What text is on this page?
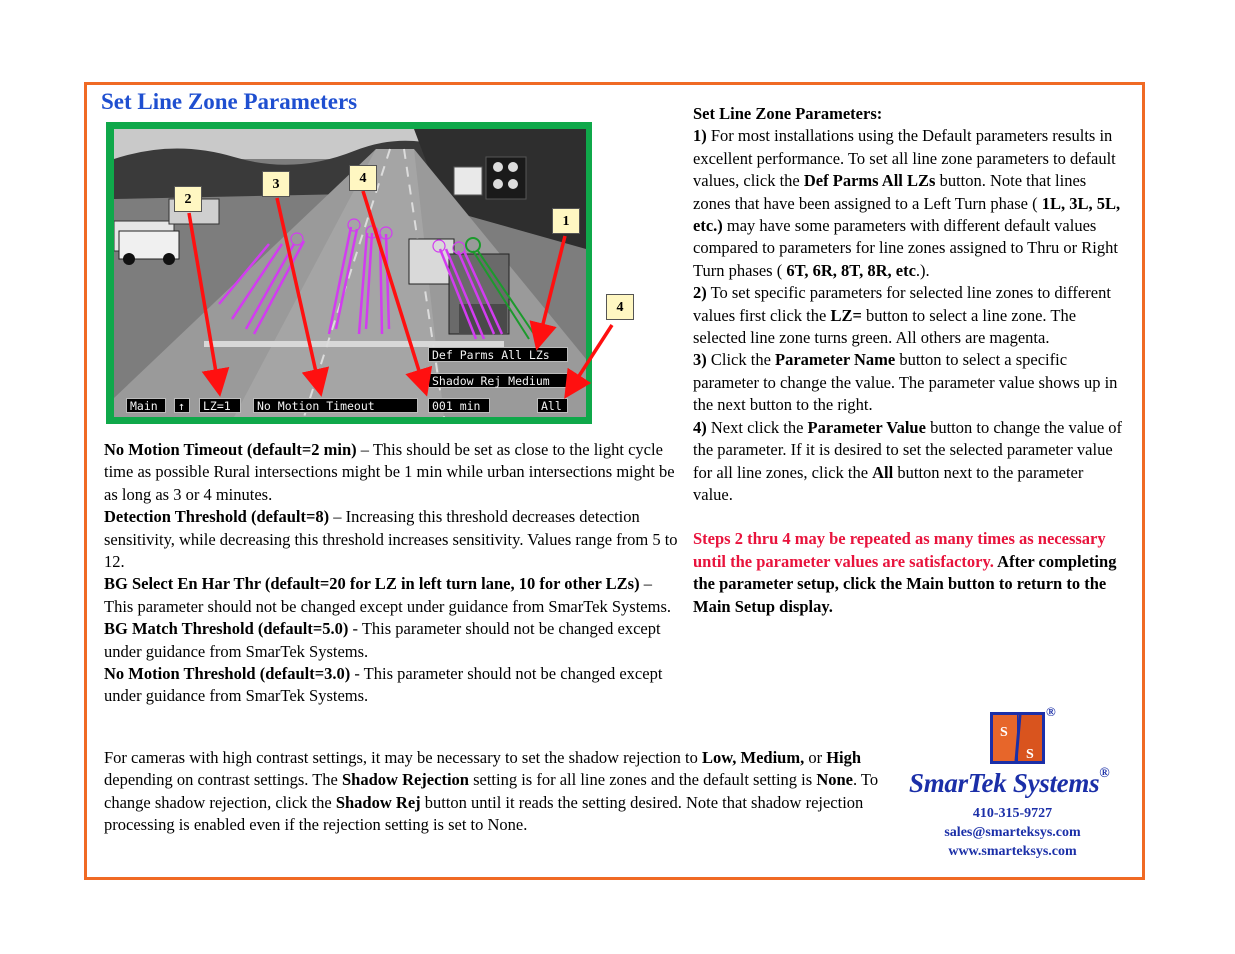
Set Line Zone Parameters
Def Parms All LZs
Shadow Rej Medium
Main	↑	LZ=1	No Motion Timeout	001 min	All
2
3	4
1
4

No Motion Timeout (default=2 min) – This should be set as close to the light cycle time as possible Rural intersections might be 1 min while urban intersections might be as long as 3 or 4 minutes.

Detection Threshold (default=8) – Increasing this threshold decreases detection sensitivity, while decreasing this threshold increases sensitivity. Values range from 5 to 12.

BG Select En Har Thr (default=20 for LZ in left turn lane, 10 for other LZs) – This parameter should not be changed except under guidance from SmarTek Systems.

BG Match Threshold (default=5.0) - This parameter should not be changed except under guidance from SmarTek Systems.

No Motion Threshold (default=3.0) - This parameter should not be changed except under guidance from SmarTek Systems.

For cameras with high contrast settings, it may be necessary to set the shadow rejection to Low, Medium, or High depending on contrast settings. The Shadow Rejection setting is for all line zones and the default setting is None. To change shadow rejection, click the Shadow Rej button until it reads the setting desired. Note that shadow rejection processing is enabled even if the rejection setting is set to None.

Set Line Zone Parameters:

1) For most installations using the Default parameters results in excellent performance. To set all line zone parameters to default values, click the Def Parms All LZs button. Note that lines zones that have been assigned to a Left Turn phase ( 1L, 3L, 5L, etc.) may have some parameters with different default values compared to parameters for line zones assigned to Thru or Right Turn phases ( 6T, 6R, 8T, 8R, etc.).

2) To set specific parameters for selected line zones to different values first click the LZ= button to select a line zone. The selected line zone turns green. All others are magenta.

3) Click the Parameter Name button to select a specific parameter to change the value. The parameter value shows up in the next button to the right.

4) Next click the Parameter Value button to change the value of the parameter. If it is desired to set the selected parameter value for all line zones, click the All button next to the parameter value.

Steps 2 thru 4 may be repeated as many times as necessary until the parameter values are satisfactory. After completing the parameter setup, click the Main button to return to the Main Setup display.

S
S
®
SmarTek Systems®
410-315-9727
sales@smarteksys.com
www.smarteksys.com
